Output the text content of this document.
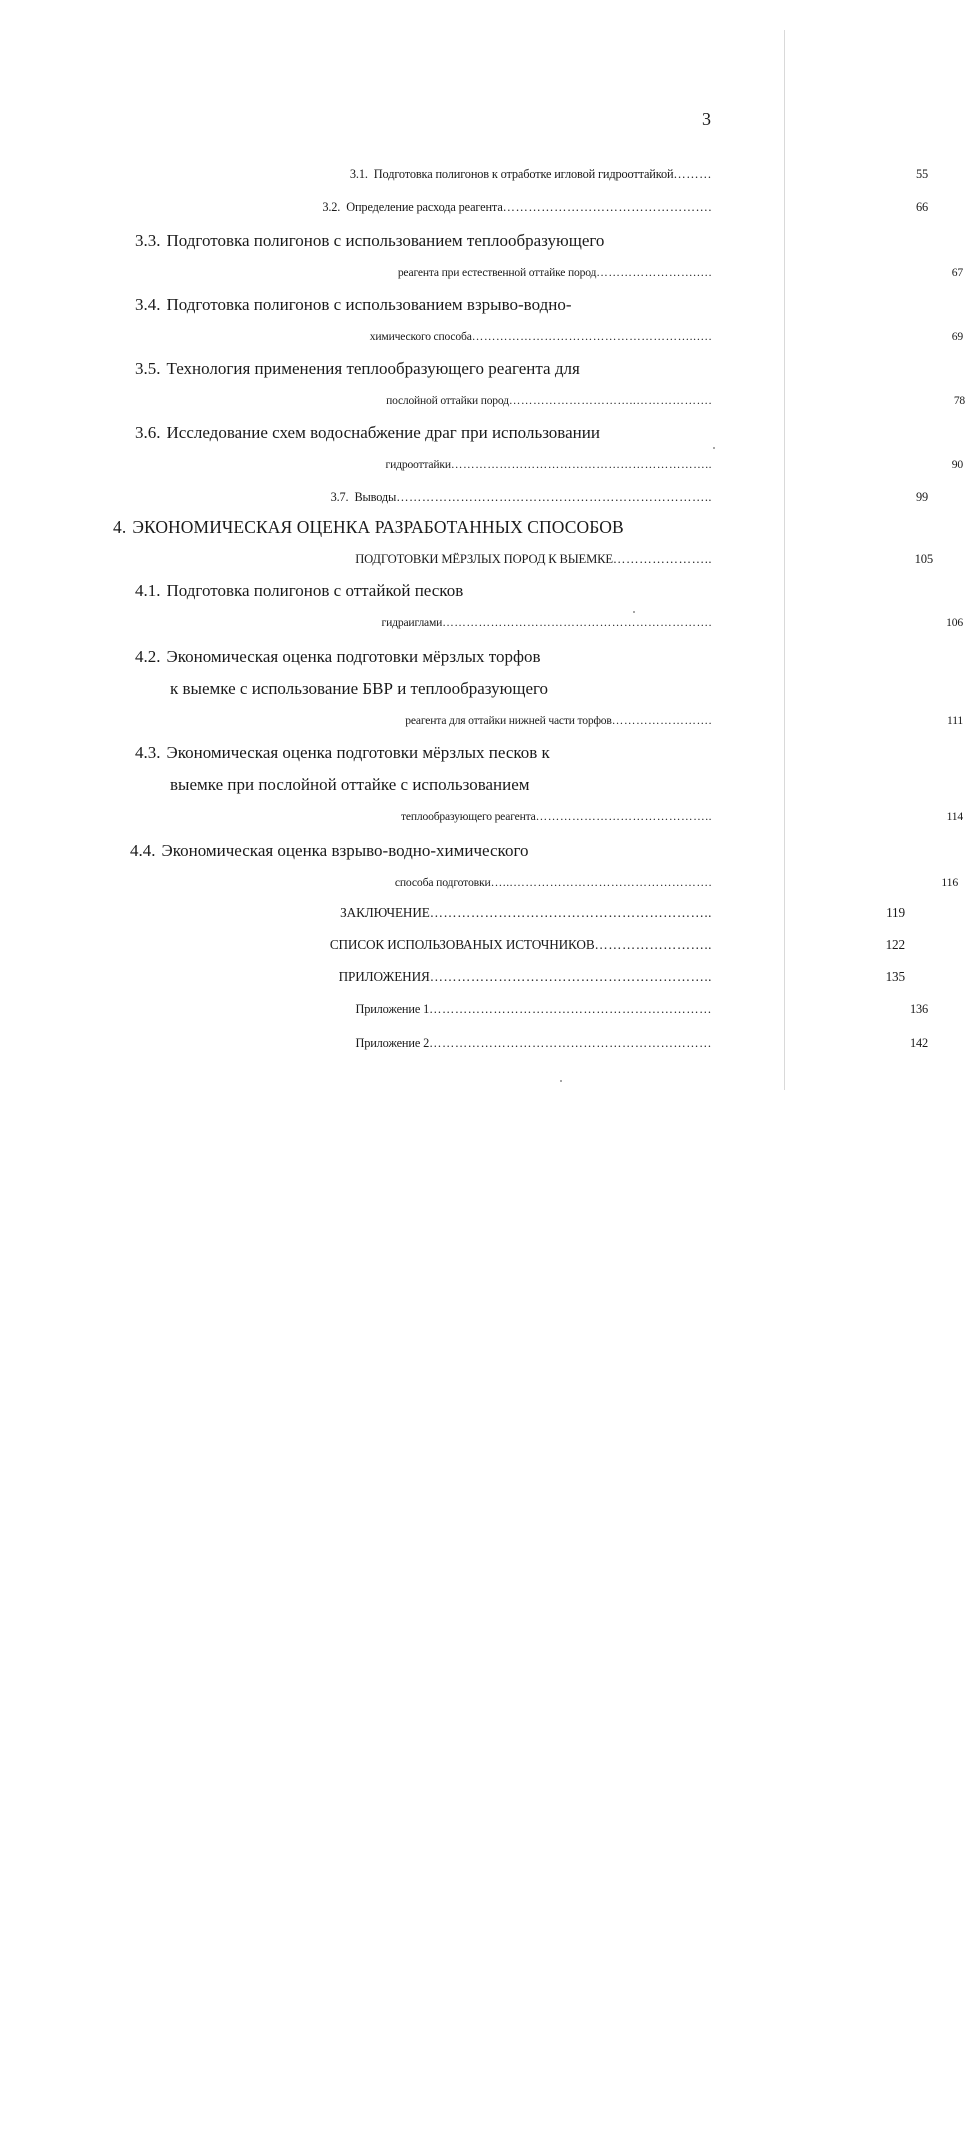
3
3.1. Подготовка полигонов к отработке игловой гидрооттайкой………	55
3.2. Определение расхода реагента………………………………………….	66
3.3. Подготовка полигонов с использованием теплообразующего
реагента при естественной оттайке пород…………………….….	67
3.4. Подготовка полигонов с использованием взрыво-водно-
химического способа………………………………………………..….	69
3.5. Технология применения теплообразующего реагента для
послойной оттайки пород…………………………..……………….	78
3.6. Исследование схем водоснабжение драг при использовании
гидрооттайки………………………………………………………..	90
3.7. Выводы………………………………………………………………..	99
4. ЭКОНОМИЧЕСКАЯ ОЦЕНКА РАЗРАБОТАННЫХ СПОСОБОВ
ПОДГОТОВКИ МЁРЗЛЫХ ПОРОД К ВЫЕМКЕ…………………..	105
4.1. Подготовка полигонов с оттайкой песков
гидраиглами………………………………………………………….	106
4.2. Экономическая оценка подготовки мёрзлых торфов
к выемке с использование БВР и теплообразующего
реагента для оттайки нижней части торфов…………………….	111
4.3. Экономическая оценка подготовки мёрзлых песков к
выемке при послойной оттайке с использованием
теплообразующего реагента……………………………………..	114
4.4. Экономическая оценка взрыво-водно-химического
способа подготовки…...………………………………………….	116
ЗАКЛЮЧЕНИЕ……………………………………………………..	119
СПИСОК ИСПОЛЬЗОВАНЫХ ИСТОЧНИКОВ……………………..	122
ПРИЛОЖЕНИЯ……………………………………………………..	135
Приложение 1…………………………………………………………	136
Приложение 2…………………………………………………………	142
